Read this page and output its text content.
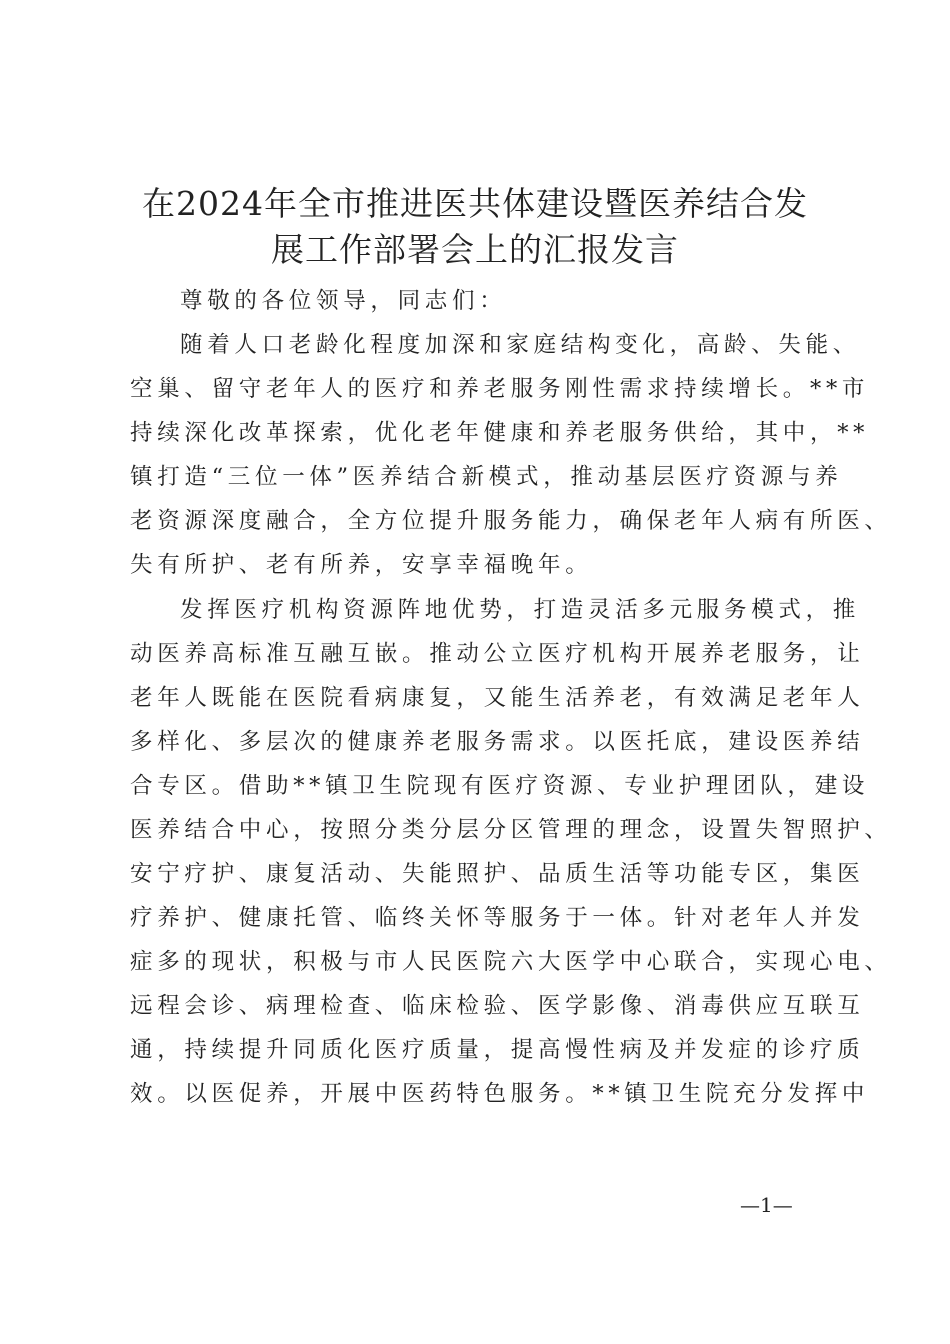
在2024年全市推进医共体建设暨医养结合发
展工作部署会上的汇报发言
尊敬的各位领导，同志们：
随着人口老龄化程度加深和家庭结构变化，高龄、失能、
空巢、留守老年人的医疗和养老服务刚性需求持续增长。**市
持续深化改革探索，优化老年健康和养老服务供给，其中，**
镇打造“三位一体”医养结合新模式，推动基层医疗资源与养
老资源深度融合，全方位提升服务能力，确保老年人病有所医、
失有所护、老有所养，安享幸福晚年。
发挥医疗机构资源阵地优势，打造灵活多元服务模式，推
动医养高标准互融互嵌。推动公立医疗机构开展养老服务，让
老年人既能在医院看病康复，又能生活养老，有效满足老年人
多样化、多层次的健康养老服务需求。以医托底，建设医养结
合专区。借助**镇卫生院现有医疗资源、专业护理团队，建设
医养结合中心，按照分类分层分区管理的理念，设置失智照护、
安宁疗护、康复活动、失能照护、品质生活等功能专区，集医
疗养护、健康托管、临终关怀等服务于一体。针对老年人并发
症多的现状，积极与市人民医院六大医学中心联合，实现心电、
远程会诊、病理检查、临床检验、医学影像、消毒供应互联互
通，持续提升同质化医疗质量，提高慢性病及并发症的诊疗质
效。以医促养，开展中医药特色服务。**镇卫生院充分发挥中
—1—
